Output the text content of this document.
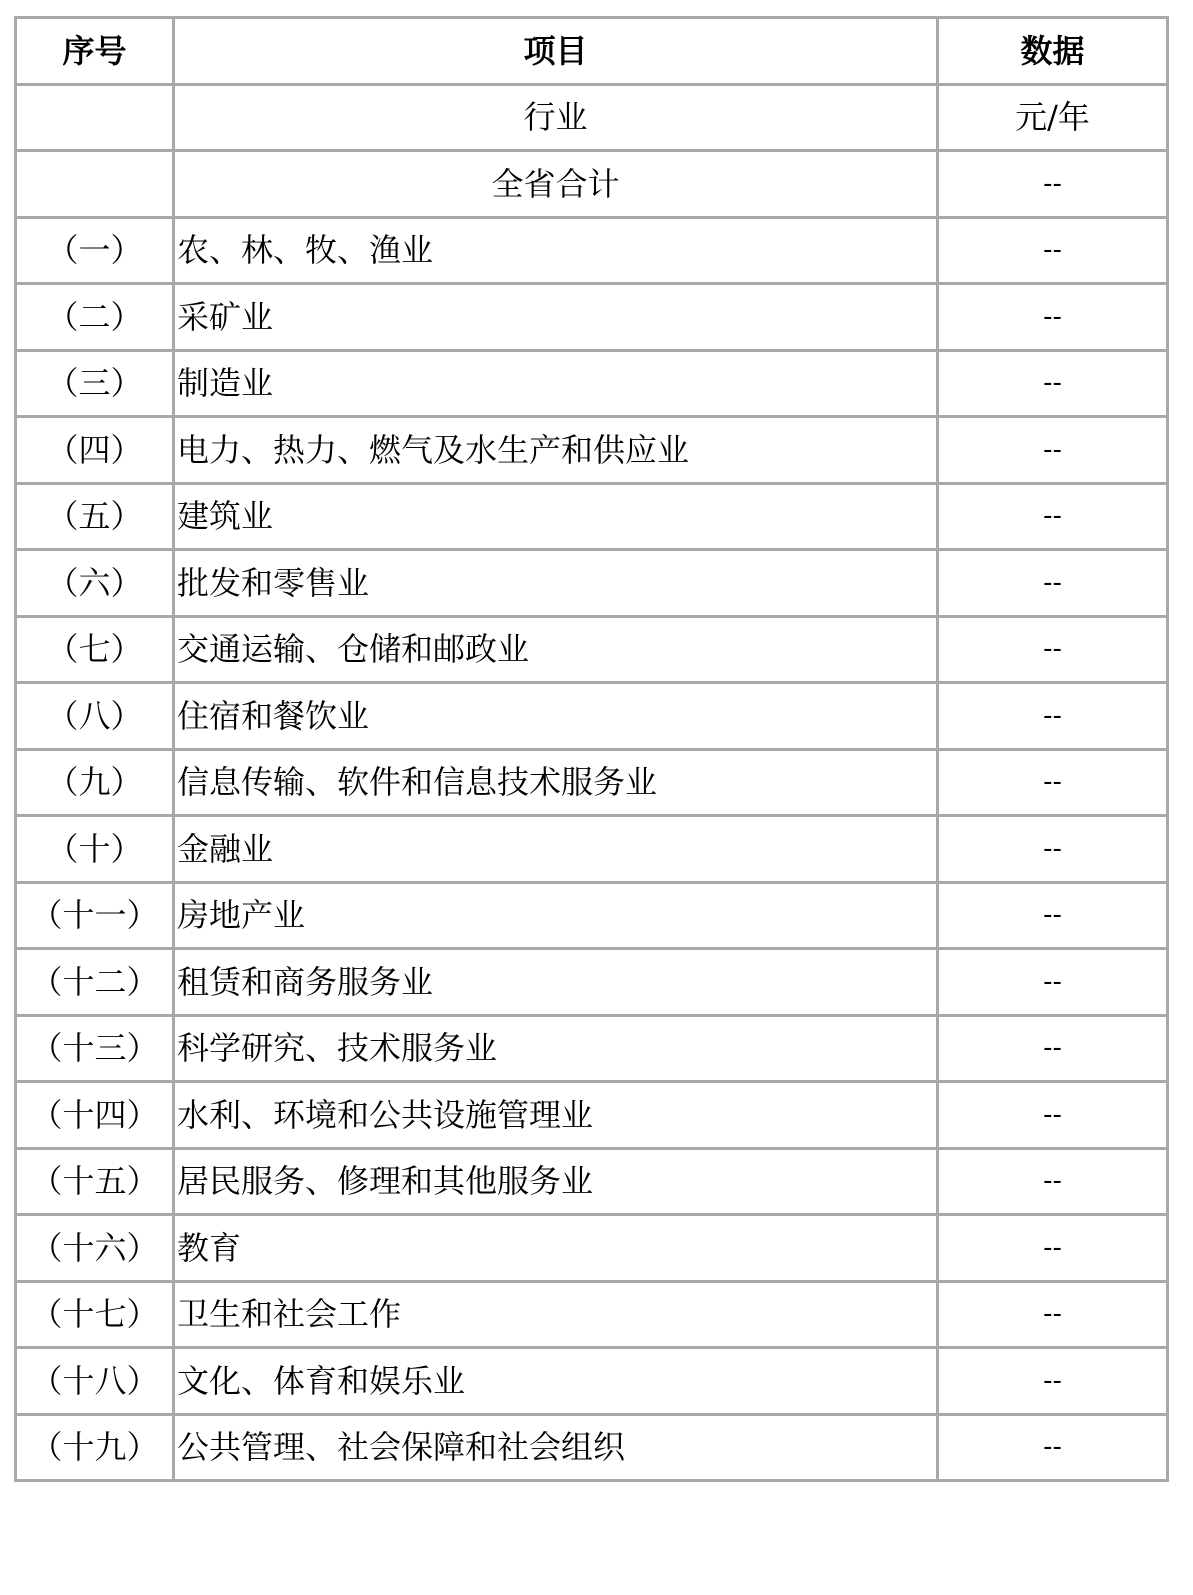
序号	项目	数据
	行业	元/年
	全省合计	--
（一）	农、林、牧、渔业	--
（二）	采矿业	--
（三）	制造业	--
（四）	电力、热力、燃气及水生产和供应业	--
（五）	建筑业	--
（六）	批发和零售业	--
（七）	交通运输、仓储和邮政业	--
（八）	住宿和餐饮业	--
（九）	信息传输、软件和信息技术服务业	--
（十）	金融业	--
（十一）	房地产业	--
（十二）	租赁和商务服务业	--
（十三）	科学研究、技术服务业	--
（十四）	水利、环境和公共设施管理业	--
（十五）	居民服务、修理和其他服务业	--
（十六）	教育	--
（十七）	卫生和社会工作	--
（十八）	文化、体育和娱乐业	--
（十九）	公共管理、社会保障和社会组织	--
